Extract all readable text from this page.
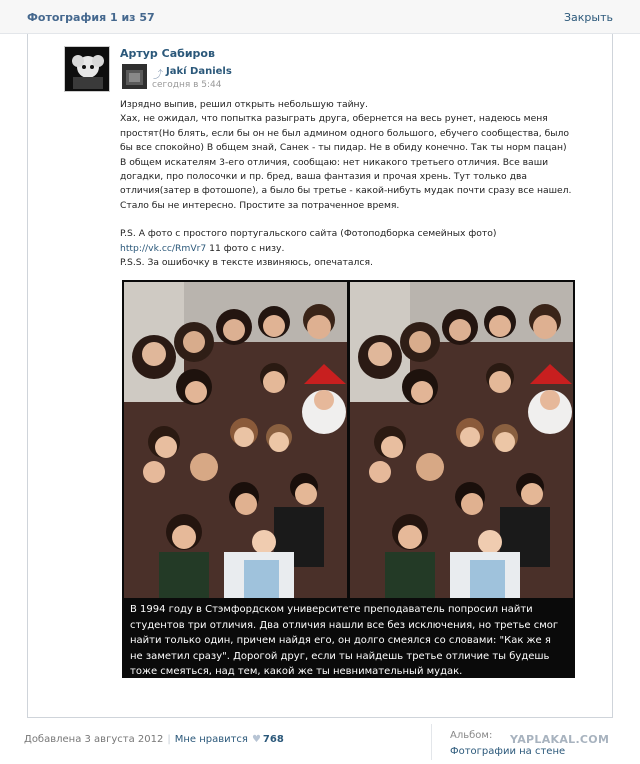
Фотография 1 из 57	Закрыть
Артур Сабиров
⤴ Jakí Daniels
сегодня в 5:44

Изрядно выпив, решил открыть небольшую тайну.

Хах, не ожидал, что попытка разыграть друга, обернется на весь рунет, надеюсь меня

простят(Но блять, если бы он не был админом одного большого, ебучего сообщества, было

бы все спокойно) В общем знай, Санек - ты пидар. Не в обиду конечно. Так ты норм пацан)

В общем искателям 3-его отличия, сообщаю: нет никакого третьего отличия. Все ваши

догадки, про полосочки и пр. бред, ваша фантазия и прочая хрень. Тут только два

отличия(затер в фотошопе), а было бы третье - какой-нибуть мудак почти сразу все нашел.

Стало бы не интересно. Простите за потраченное время.

P.S. А фото с простого португальского сайта (Фотоподборка семейных фото)

http://vk.cc/RmVr7 11 фото с низу.

P.S.S. За ошибочку в тексте извиняюсь, опечатался.

В 1994 году в Стэмфордском университете преподаватель попросил найти

студентов три отличия. Два отличия нашли все без исключения, но третье смог

найти только один, причем найдя его, он долго смеялся со словами: "Как же я

не заметил сразу". Дорогой друг, если ты найдешь третье отличие ты будешь

тоже смеяться, над тем, какой же ты невнимательный мудак.

Добавлена 3 августа 2012 | Мне нравится ♥ 768	Альбом: YAPLAKAL.COM
Фотографии на стене
